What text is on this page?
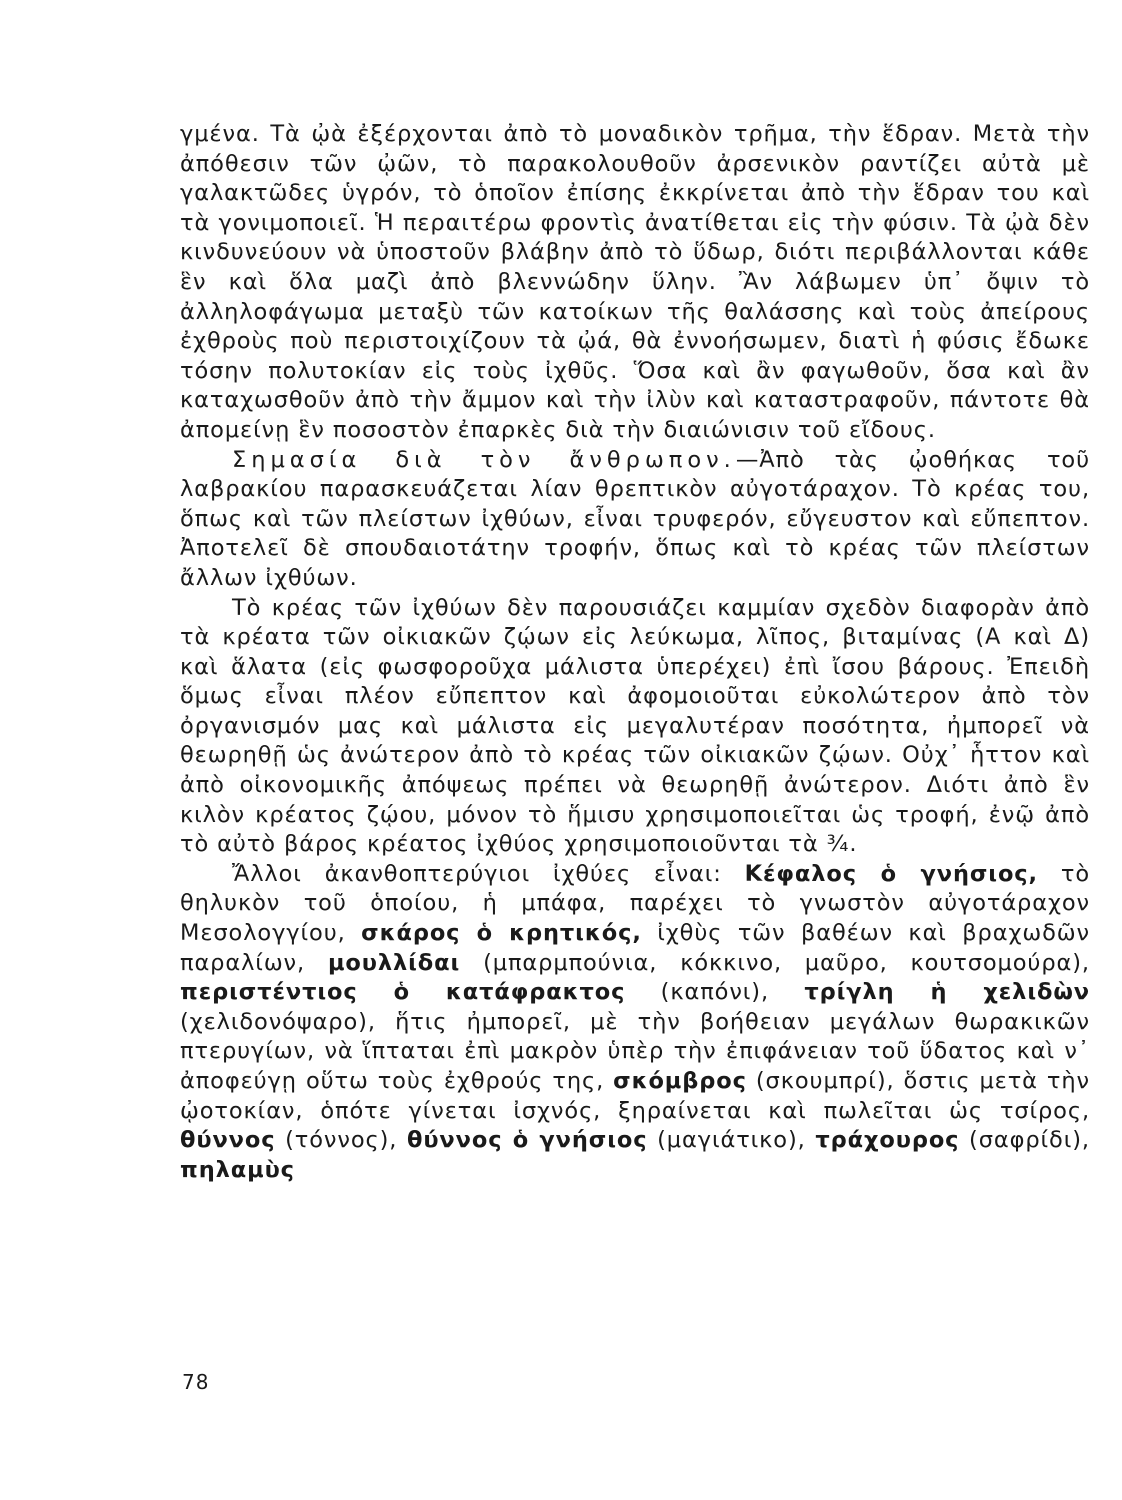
γμένα. Τὰ ᾠὰ ἐξέρχονται ἀπὸ τὸ μοναδικὸν τρῆμα, τὴν ἕδραν. Μετὰ τὴν ἀπόθεσιν τῶν ᾠῶν, τὸ παρακολουθοῦν ἀρσενικὸν ραντίζει αὐτὰ μὲ γαλακτῶδες ὑγρόν, τὸ ὁποῖον ἐπίσης ἐκκρίνεται ἀπὸ τὴν ἕδραν του καὶ τὰ γονιμοποιεῖ. Ἡ περαιτέρω φροντὶς ἀνατίθεται εἰς τὴν φύσιν. Τὰ ᾠὰ δὲν κινδυνεύουν νὰ ὑποστοῦν βλάβην ἀπὸ τὸ ὕδωρ, διότι περιβάλλονται κάθε ἓν καὶ ὅλα μαζὶ ἀπὸ βλεννώδην ὕλην. Ἂν λάβωμεν ὑπ᾽ ὄψιν τὸ ἀλληλοφάγωμα μεταξὺ τῶν κατοίκων τῆς θαλάσσης καὶ τοὺς ἀπείρους ἐχθροὺς ποὺ περιστοιχίζουν τὰ ᾠά, θὰ ἐννοήσωμεν, διατὶ ἡ φύσις ἔδωκε τόσην πολυτοκίαν εἰς τοὺς ἰχθῦς. Ὅσα καὶ ἂν φαγωθοῦν, ὅσα καὶ ἂν καταχωσθοῦν ἀπὸ τὴν ἄμμον καὶ τὴν ἰλὺν καὶ καταστραφοῦν, πάντοτε θὰ ἀπομείνῃ ἓν ποσοστὸν ἐπαρκὲς διὰ τὴν διαιώνισιν τοῦ εἴδους.

Σημασία διὰ τὸν ἄνθρωπον.—Ἀπὸ τὰς ᾠοθήκας τοῦ λαβρακίου παρασκευάζεται λίαν θρεπτικὸν αὐγοτάραχον. Τὸ κρέας του, ὅπως καὶ τῶν πλείστων ἰχθύων, εἶναι τρυφερόν, εὔγευστον καὶ εὔπεπτον. Ἀποτελεῖ δὲ σπουδαιοτάτην τροφήν, ὅπως καὶ τὸ κρέας τῶν πλείστων ἄλλων ἰχθύων.

Τὸ κρέας τῶν ἰχθύων δὲν παρουσιάζει καμμίαν σχεδὸν διαφορὰν ἀπὸ τὰ κρέατα τῶν οἰκιακῶν ζῴων εἰς λεύκωμα, λῖπος, βιταμίνας (Α καὶ Δ) καὶ ἅλατα (εἰς φωσφοροῦχα μάλιστα ὑπερέχει) ἐπὶ ἴσου βάρους. Ἐπειδὴ ὅμως εἶναι πλέον εὔπεπτον καὶ ἀφομοιοῦται εὐκολώτερον ἀπὸ τὸν ὀργανισμόν μας καὶ μάλιστα εἰς μεγαλυτέραν ποσότητα, ἠμπορεῖ νὰ θεωρηθῇ ὡς ἀνώτερον ἀπὸ τὸ κρέας τῶν οἰκιακῶν ζῴων. Οὐχ᾽ ἧττον καὶ ἀπὸ οἰκονομικῆς ἀπόψεως πρέπει νὰ θεωρηθῇ ἀνώτερον. Διότι ἀπὸ ἓν κιλὸν κρέατος ζῴου, μόνον τὸ ἥμισυ χρησιμοποιεῖται ὡς τροφή, ἐνῷ ἀπὸ τὸ αὐτὸ βάρος κρέατος ἰχθύος χρησιμοποιοῦνται τὰ ¾.

Ἄλλοι ἀκανθοπτερύγιοι ἰχθύες εἶναι: Κέφαλος ὁ γνήσιος, τὸ θηλυκὸν τοῦ ὁποίου, ἡ μπάφα, παρέχει τὸ γνωστὸν αὐγοτάραχον Μεσολογγίου, σκάρος ὁ κρητικός, ἰχθὺς τῶν βαθέων καὶ βραχωδῶν παραλίων, μουλλίδαι (μπαρμπούνια, κόκκινο, μαῦρο, κουτσομούρα), περιστέντιος ὁ κατάφρακτος (καπόνι), τρίγλη ἡ χελιδὼν (χελιδονόψαρο), ἥτις ἠμπορεῖ, μὲ τὴν βοήθειαν μεγάλων θωρακικῶν πτερυγίων, νὰ ἵπταται ἐπὶ μακρὸν ὑπὲρ τὴν ἐπιφάνειαν τοῦ ὕδατος καὶ ν᾽ ἀποφεύγῃ οὕτω τοὺς ἐχθρούς της, σκόμβρος (σκουμπρί), ὅστις μετὰ τὴν ᾠοτοκίαν, ὁπότε γίνεται ἰσχνός, ξηραίνεται καὶ πωλεῖται ὡς τσίρος, θύννος (τόννος), θύννος ὁ γνήσιος (μαγιάτικο), τράχουρος (σαφρίδι), πηλαμὺς

78
